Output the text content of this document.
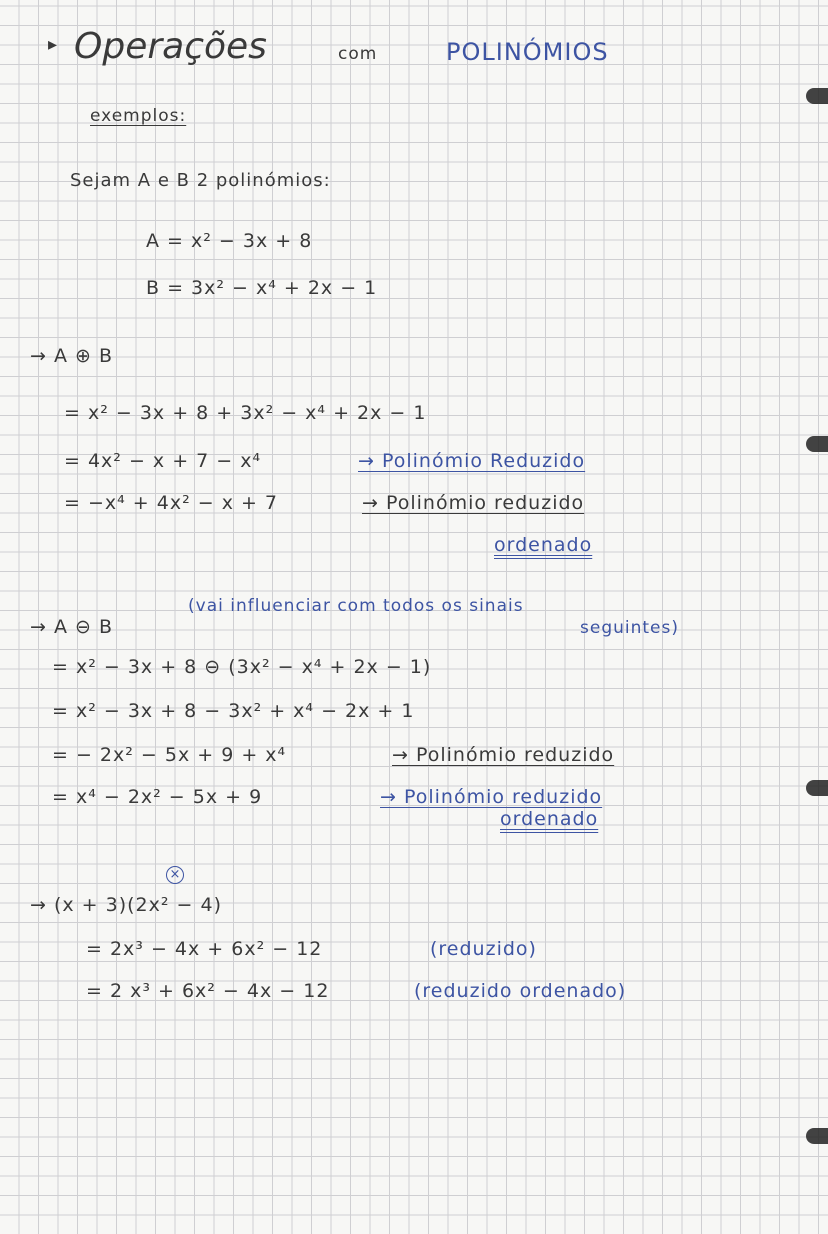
▸ Operações	com	POLINÓMIOS
exemplos:
Sejam A e B 2 polinómios:
A = x² − 3x + 8
B = 3x² − x⁴ + 2x − 1
→ A ⊕ B
= x² − 3x + 8 + 3x² − x⁴ + 2x − 1
= 4x² − x + 7 − x⁴	→ Polinómio Reduzido
= −x⁴ + 4x² − x + 7	→ Polinómio reduzido
ordenado
(vai influenciar com todos os sinais
seguintes)
→ A ⊖ B
= x² − 3x + 8 ⊖ (3x² − x⁴ + 2x − 1)
= x² − 3x + 8 − 3x² + x⁴ − 2x + 1
= − 2x² − 5x + 9 + x⁴	→ Polinómio reduzido
= x⁴ − 2x² − 5x + 9	→ Polinómio reduzido
ordenado
×
→ (x + 3)(2x² − 4)
= 2x³ − 4x + 6x² − 12	(reduzido)
= 2 x³ + 6x² − 4x − 12	(reduzido ordenado)
